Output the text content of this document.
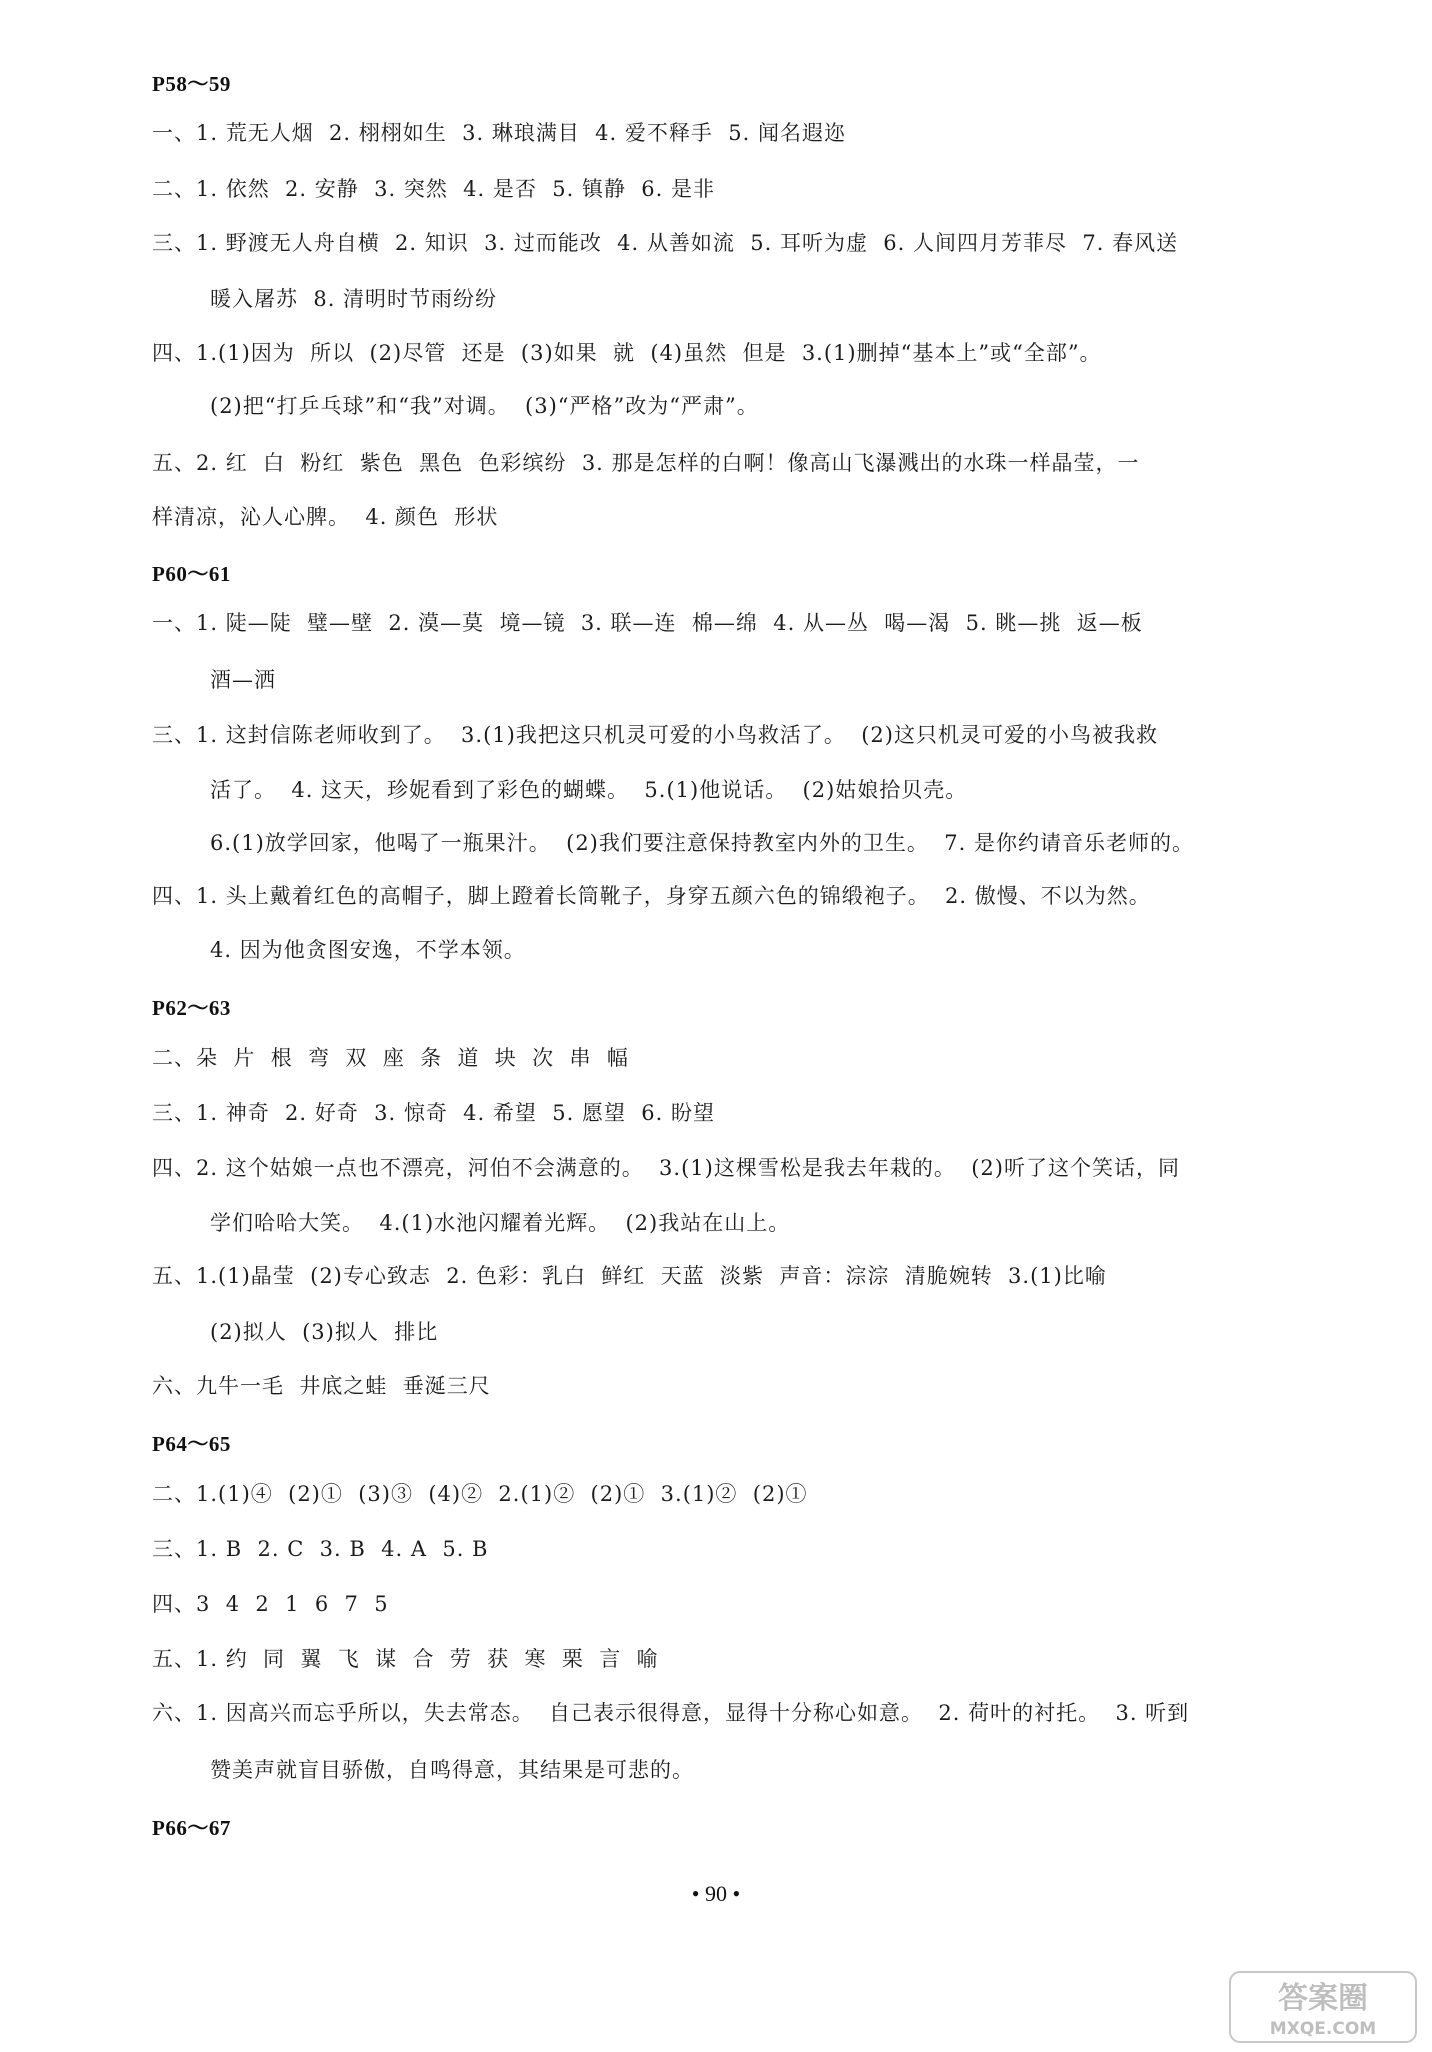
P58～59
一、1. 荒无人烟  2. 栩栩如生  3. 琳琅满目  4. 爱不释手  5. 闻名遐迩
二、1. 依然  2. 安静  3. 突然  4. 是否  5. 镇静  6. 是非
三、1. 野渡无人舟自横  2. 知识  3. 过而能改  4. 从善如流  5. 耳听为虚  6. 人间四月芳菲尽  7. 春风送
暖入屠苏  8. 清明时节雨纷纷
四、1.(1)因为  所以  (2)尽管  还是  (3)如果  就  (4)虽然  但是  3.(1)删掉“基本上”或“全部”。
(2)把“打乒乓球”和“我”对调。  (3)“严格”改为“严肃”。
五、2. 红  白  粉红  紫色  黑色  色彩缤纷  3. 那是怎样的白啊！像高山飞瀑溅出的水珠一样晶莹，一
样清凉，沁人心脾。  4. 颜色  形状
P60～61
一、1. 陡—陡  璧—壁  2. 漠—莫  境—镜  3. 联—连  棉—绵  4. 从—丛  喝—渴  5. 眺—挑  返—板
酒—洒
三、1. 这封信陈老师收到了。  3.(1)我把这只机灵可爱的小鸟救活了。  (2)这只机灵可爱的小鸟被我救
活了。  4. 这天，珍妮看到了彩色的蝴蝶。  5.(1)他说话。  (2)姑娘拾贝壳。
6.(1)放学回家，他喝了一瓶果汁。  (2)我们要注意保持教室内外的卫生。  7. 是你约请音乐老师的。
四、1. 头上戴着红色的高帽子，脚上蹬着长筒靴子，身穿五颜六色的锦缎袍子。  2. 傲慢、不以为然。
4. 因为他贪图安逸，不学本领。
P62～63
二、朵  片  根  弯  双  座  条  道  块  次  串  幅
三、1. 神奇  2. 好奇  3. 惊奇  4. 希望  5. 愿望  6. 盼望
四、2. 这个姑娘一点也不漂亮，河伯不会满意的。  3.(1)这棵雪松是我去年栽的。  (2)听了这个笑话，同
学们哈哈大笑。  4.(1)水池闪耀着光辉。  (2)我站在山上。
五、1.(1)晶莹  (2)专心致志  2. 色彩：乳白  鲜红  天蓝  淡紫  声音：淙淙  清脆婉转  3.(1)比喻
(2)拟人  (3)拟人  排比
六、九牛一毛  井底之蛙  垂涎三尺
P64～65
二、1.(1)④  (2)①  (3)③  (4)②  2.(1)②  (2)①  3.(1)②  (2)①
三、1. B  2. C  3. B  4. A  5. B
四、3  4  2  1  6  7  5
五、1. 约  同  翼  飞  谋  合  劳  获  寒  栗  言  喻
六、1. 因高兴而忘乎所以，失去常态。  自己表示很得意，显得十分称心如意。  2. 荷叶的衬托。  3. 听到
赞美声就盲目骄傲，自鸣得意，其结果是可悲的。
P66～67
• 90 •
答案圈
MXQE.COM
